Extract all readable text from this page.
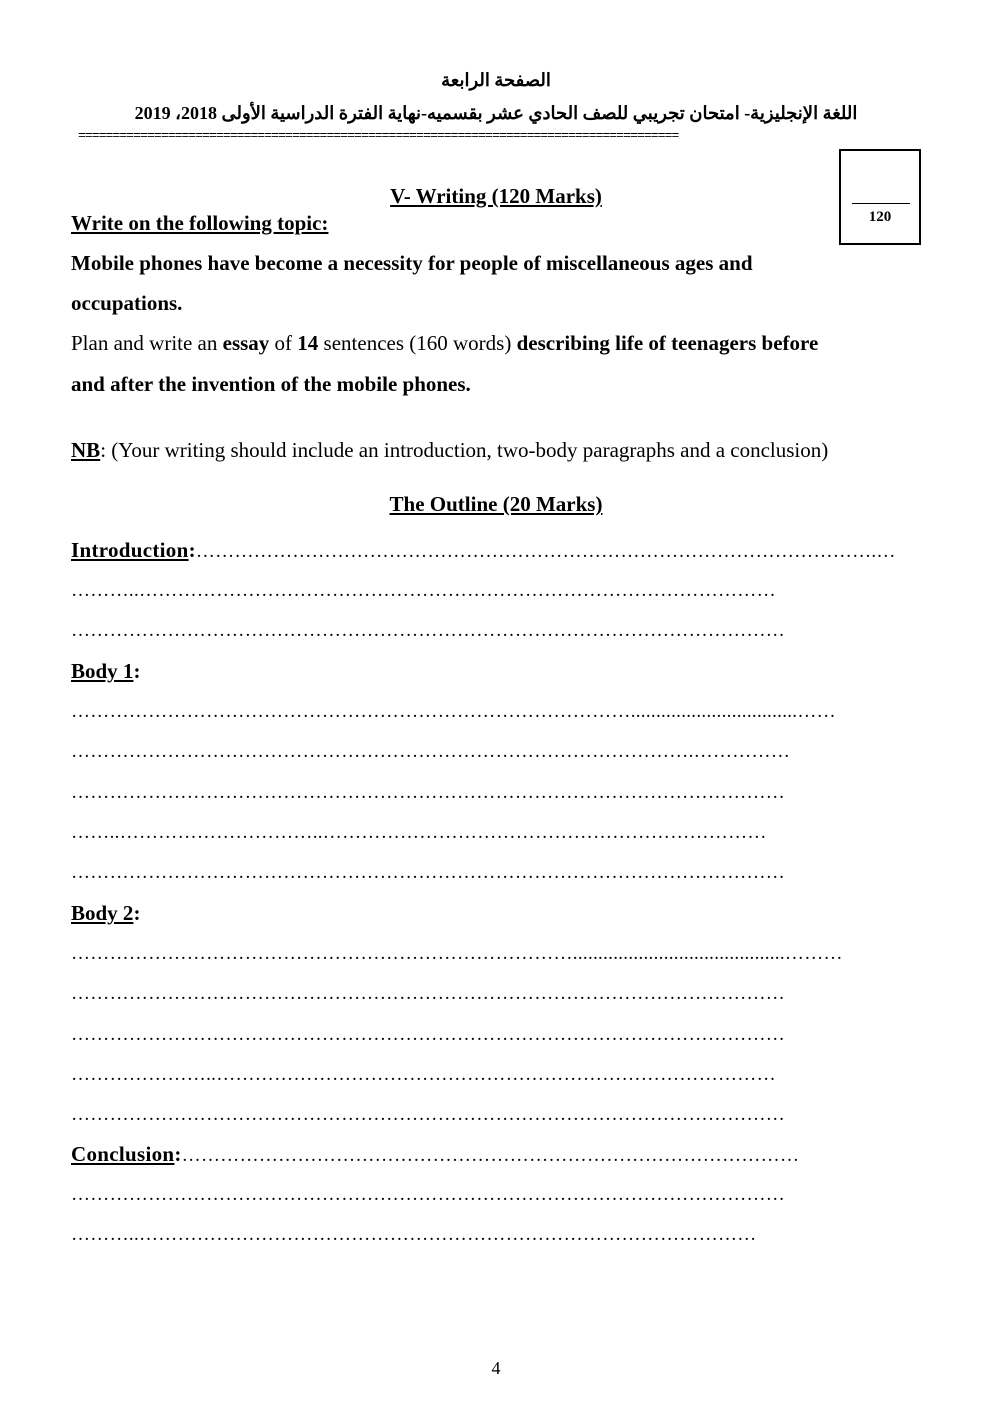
الصفحة الرابعة
اللغة الإنجليزية- امتحان تجريبي للصف الحادي عشر بقسميه-نهاية الفترة الدراسية الأولى 2018، 2019
=======================================================================================
120
V- Writing (120 Marks)
Write on the following topic:
Mobile phones have become a necessity for people of miscellaneous ages and
occupations.
Plan and write an essay of 14 sentences (160 words) describing life of teenagers before
and after the invention of the mobile phones.
NB: (Your writing should include an introduction, two-body paragraphs and a conclusion)
The Outline (20 Marks)
Introduction:…………………………………………………………………………………………….…
………..………………………………………………………………………………………
…………………………………………………………………………………………………
Body 1:
…………………………………………………………………………….................................……
…………………………………………………………………………………….……………
…………………………………………………………………………………………………
……..…………………………..……………………………………………………………
…………………………………………………………………………………………………
Body 2:
……………………………………………………………………..........................................………
…………………………………………………………………………………………………
…………………………………………………………………………………………………
…………………..……………………………………………………………………………
…………………………………………………………………………………………………
Conclusion:……………………………………………………………………………………
…………………………………………………………………………………………………
………..……………………………………………………………………………………
4
